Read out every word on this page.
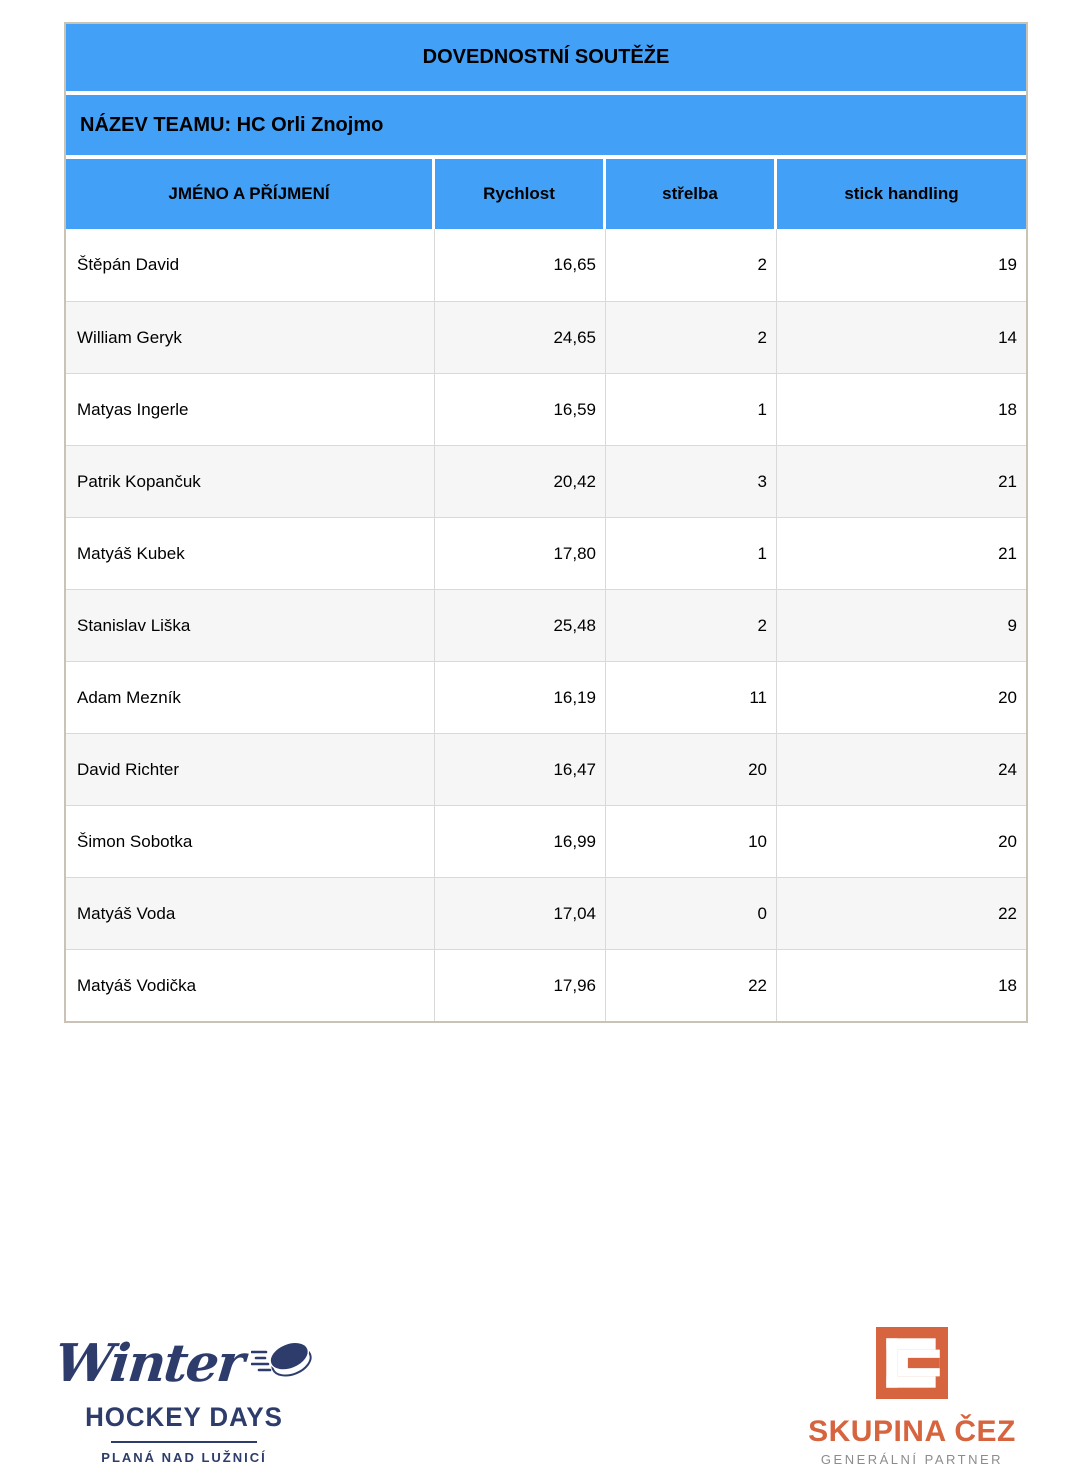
DOVEDNOSTNÍ SOUTĚŽE
NÁZEV TEAMU: HC Orli Znojmo
JMÉNO A PŘÍJMENÍ	Rychlost	střelba	stick handling
Štěpán David	16,65	2	19
William Geryk	24,65	2	14
Matyas Ingerle	16,59	1	18
Patrik Kopančuk	20,42	3	21
Matyáš Kubek	17,80	1	21
Stanislav Liška	25,48	2	9
Adam Mezník	16,19	11	20
David Richter	16,47	20	24
Šimon Sobotka	16,99	10	20
Matyáš Voda	17,04	0	22
Matyáš Vodička	17,96	22	18
Winter
HOCKEY DAYS
PLANÁ NAD LUŽNICÍ
SKUPINA ČEZ
GENERÁLNÍ PARTNER
